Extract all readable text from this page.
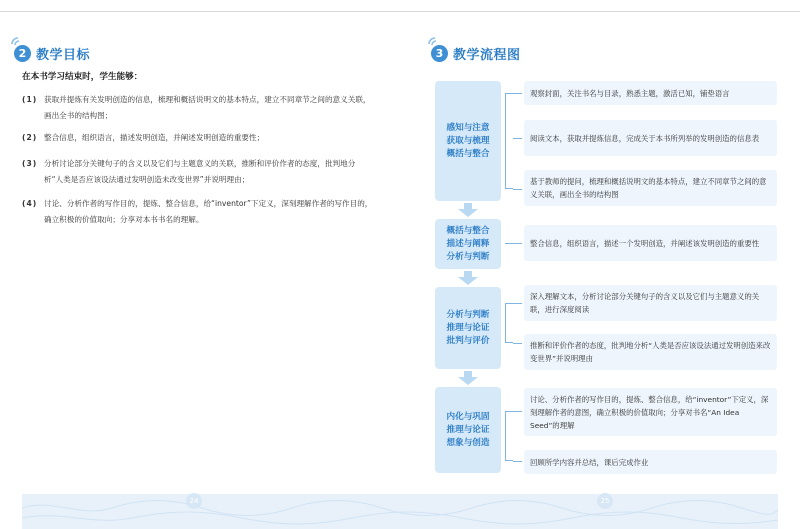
2 教学目标
在本书学习结束时，学生能够：
(1) 获取并提炼有关发明创造的信息，梳理和概括说明文的基本特点，建立不同章节之间的意义关联，画出全书的结构图；
(2) 整合信息，组织语言，描述发明创造，并阐述发明创造的重要性；
(3) 分析讨论部分关键句子的含义以及它们与主题意义的关联，推断和评价作者的态度，批判地分析“人类是否应该设法通过发明创造未改变世界”并说明理由；
(4) 讨论、分析作者的写作目的，提炼、整合信息，给“inventor”下定义，深刻理解作者的写作目的，确立积极的价值取向；分享对本书书名的理解。
3 教学流程图
感知与注意
获取与梳理
概括与整合
概括与整合
描述与阐释
分析与判断
分析与判断
推理与论证
批判与评价
内化与巩固
推理与论证
想象与创造
观察封面，关注书名与目录，熟悉主题，激活已知，铺垫语言
阅读文本，获取并提炼信息，完成关于本书所列举的发明创造的信息表
基于教师的提问，梳理和概括说明文的基本特点，建立不同章节之间的意义关联，画出全书的结构图
整合信息，组织语言，描述一个发明创造，并阐述该发明创造的重要性
深入理解文本，分析讨论部分关键句子的含义以及它们与主题意义的关联，进行深度阅读
推断和评价作者的态度，批判地分析“人类是否应该设法通过发明创造来改变世界”并说明理由
讨论、分析作者的写作目的，提炼、整合信息，给“inventor”下定义，深刻理解作者的意图，确立积极的价值取向；分享对书名“An Idea Seed”的理解
回顾所学内容并总结，课后完成作业
24	25
